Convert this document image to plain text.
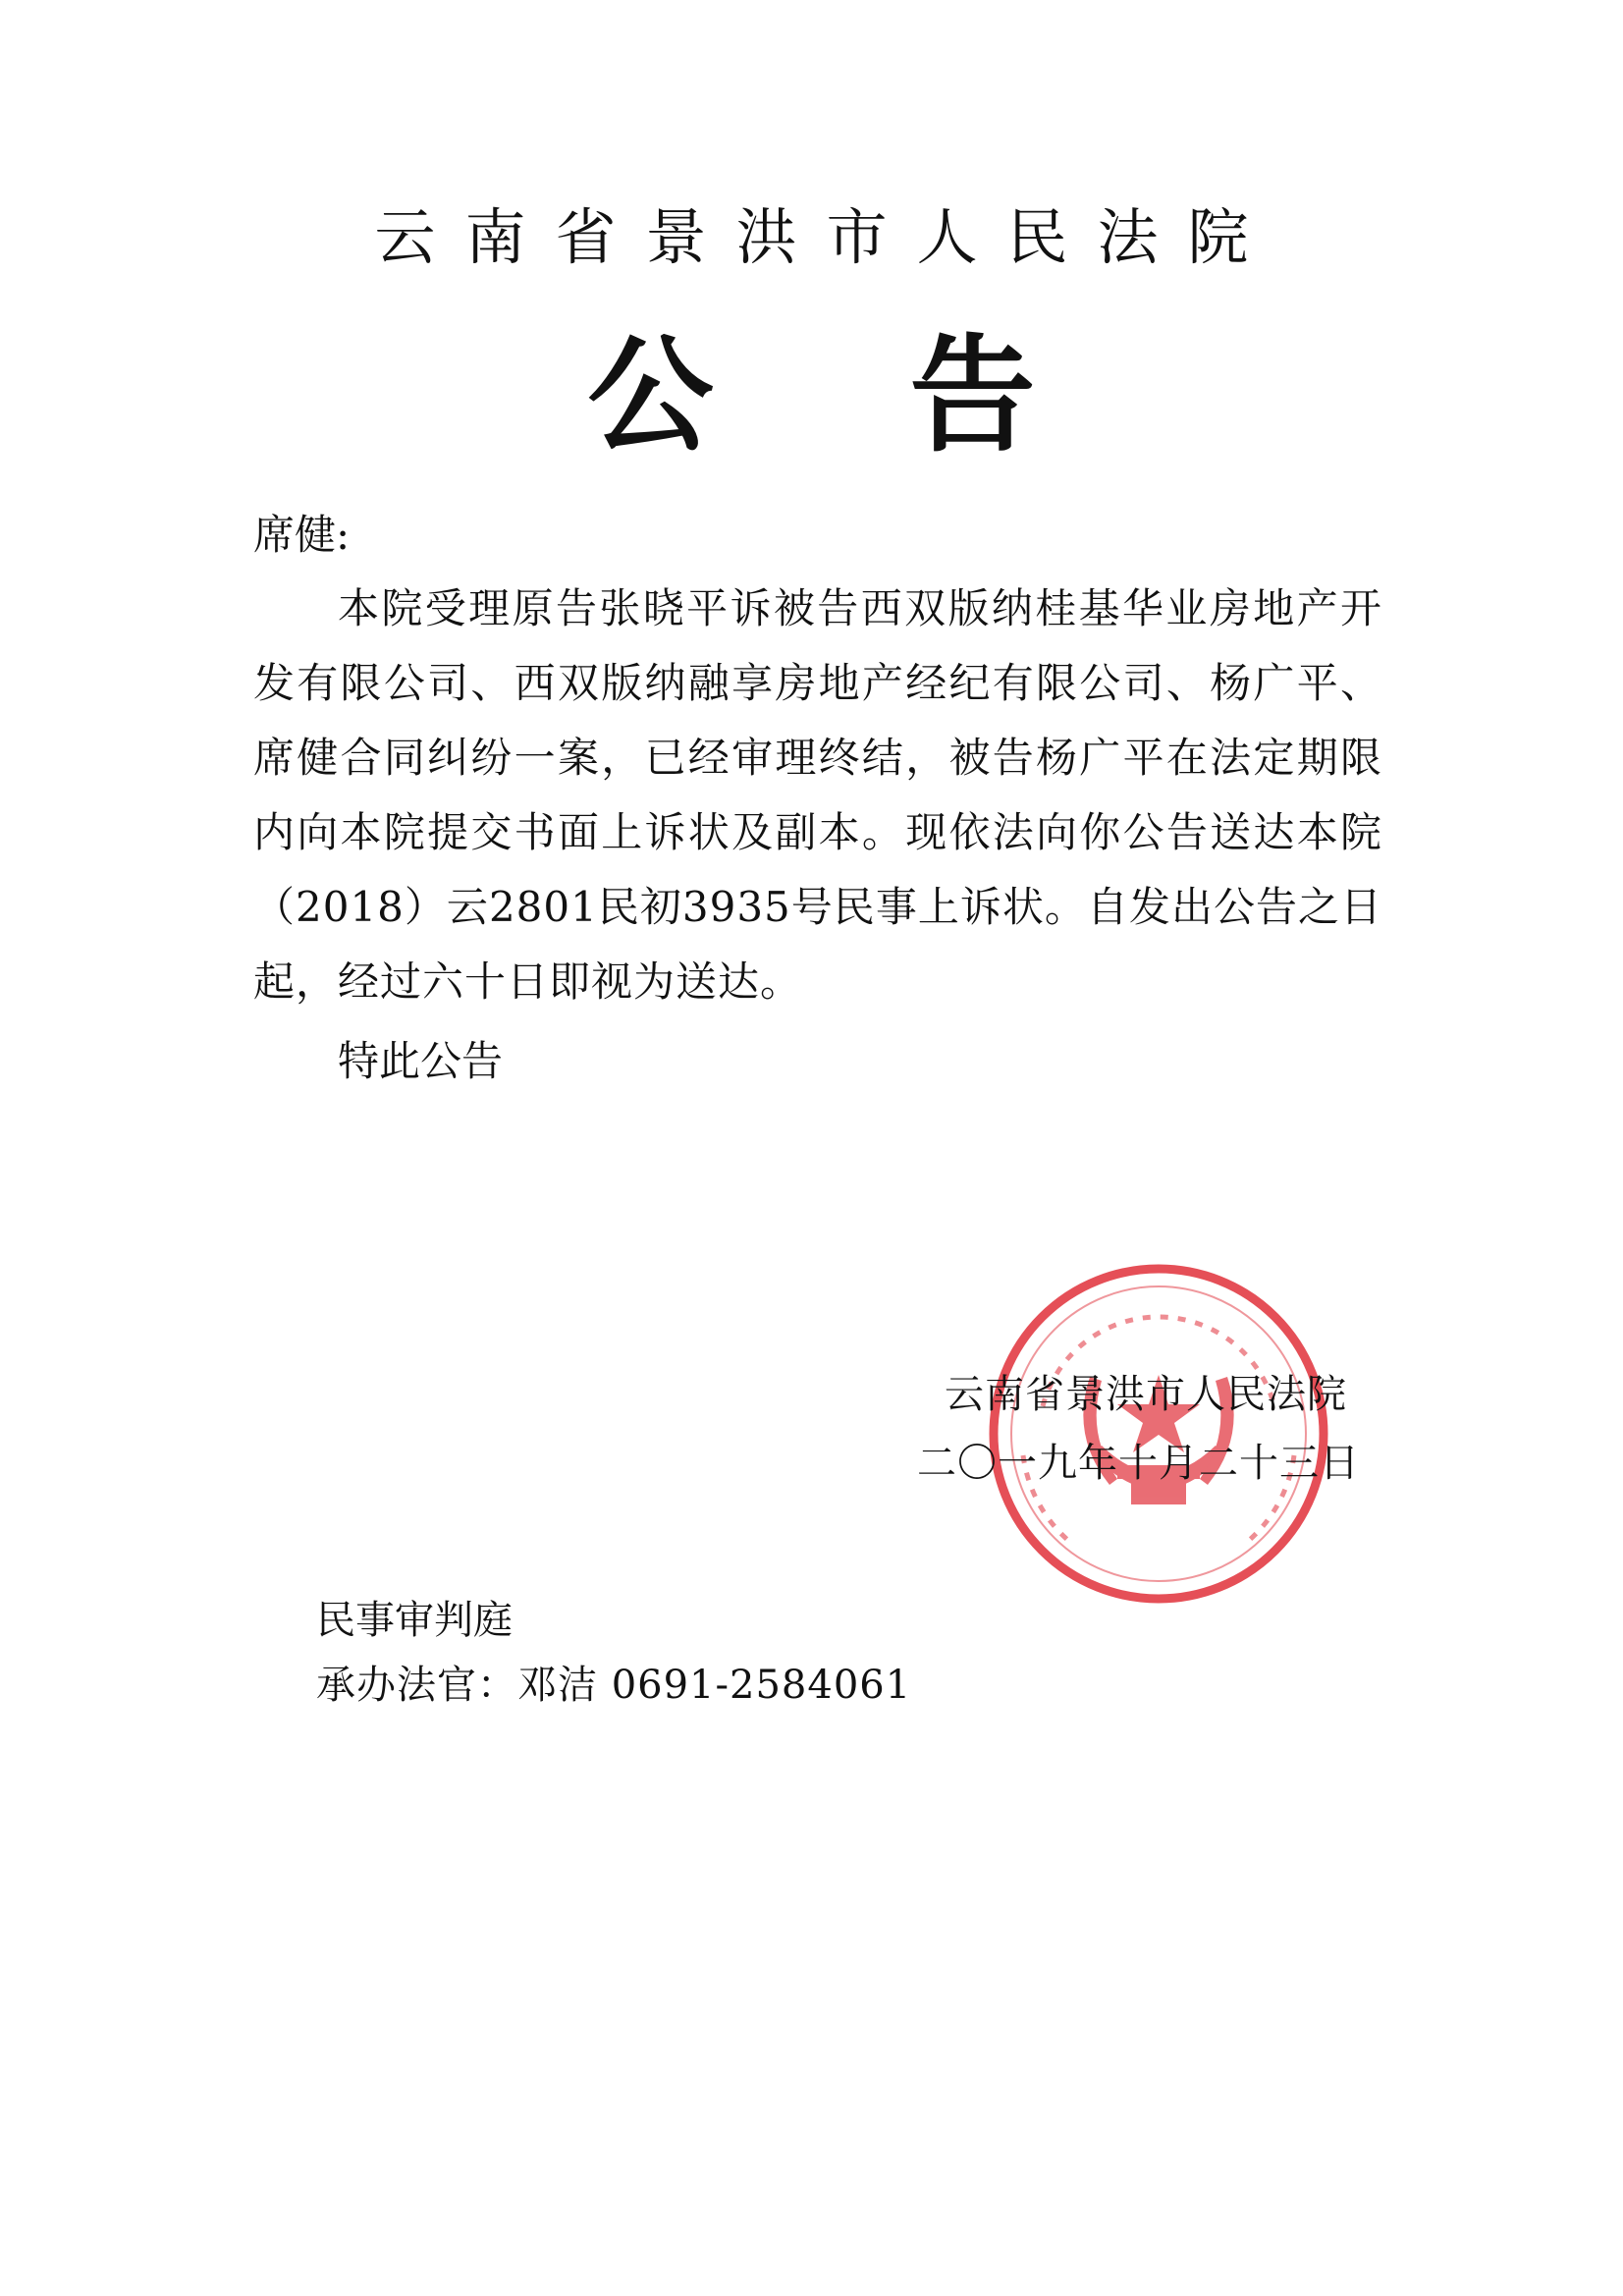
云南省景洪市人民法院
公告
席健:
本院受理原告张晓平诉被告西双版纳桂基华业房地产开发有限公司、西双版纳融享房地产经纪有限公司、杨广平、席健合同纠纷一案，已经审理终结，被告杨广平在法定期限内向本院提交书面上诉状及副本。现依法向你公告送达本院（2018）云2801民初3935号民事上诉状。自发出公告之日起，经过六十日即视为送达。
特此公告
云南省景洪市人民法院
二〇一九年十月二十三日
民事审判庭
承办法官：邓洁 0691-2584061
